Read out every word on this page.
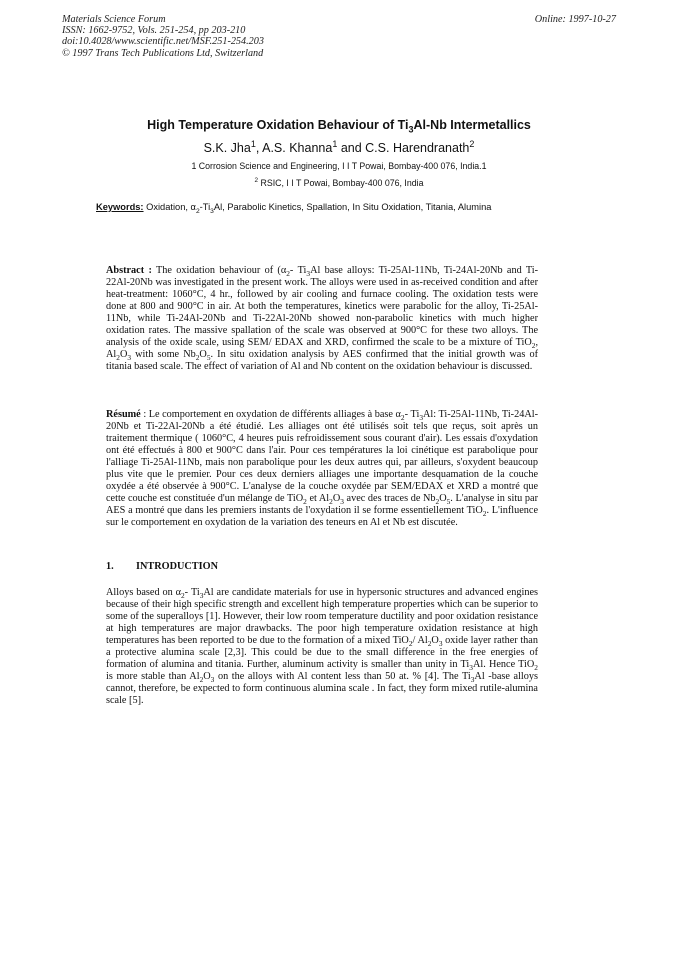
Materials Science Forum
ISSN: 1662-9752, Vols. 251-254, pp 203-210
doi:10.4028/www.scientific.net/MSF.251-254.203
© 1997 Trans Tech Publications Ltd, Switzerland
Online: 1997-10-27
High Temperature Oxidation Behaviour of $Ti_3Al-Nb$ Intermetallics
S.K. Jha$^1$, A.S. Khanna$^1$ and C.S. Harendranath$^2$
1 Corrosion Science and Engineering, I I T Powai, Bombay-400 076, India.1
$^2$ RSIC, I I T Powai, Bombay-400 076, India
Keywords: Oxidation, $\alpha_2-Ti_3Al$, Parabolic Kinetics, Spallation, In Situ Oxidation, Titania, Alumina
Abstract : The oxidation behaviour of ($\alpha_2-$ $Ti_3Al$ base alloys: Ti-25Al-11Nb, Ti-24Al-20Nb and Ti-22Al-20Nb was investigated in the present work. The alloys were used in as-received condition and after heat-treatment: 1060°C, 4 hr., followed by air cooling and furnace cooling. The oxidation tests were done at 800 and 900°C in air. At both the temperatures, kinetics were parabolic for the alloy, Ti-25Al-11Nb, while Ti-24Al-20Nb and Ti-22Al-20Nb showed non-parabolic kinetics with much higher oxidation rates. The massive spallation of the scale was observed at 900°C for these two alloys. The analysis of the oxide scale, using SEM/ EDAX and XRD, confirmed the scale to be a mixture of TiO$_2$, $Al_2O_3$ with some $Nb_2O_5$. In situ oxidation analysis by AES confirmed that the initial growth was of titania based scale. The effect of variation of Al and Nb content on the oxidation behaviour is discussed.
Résumé : Le comportement en oxydation de différents alliages à base $\alpha_2-$ $Ti_3Al$: Ti-25Al-11Nb, Ti-24Al-20Nb et Ti-22Al-20Nb a été étudié. Les alliages ont été utilisés soit tels que reçus, soit après un traitement thermique ( 1060°C, 4 heures puis refroidissement sous courant d'air). Les essais d'oxydation ont été effectués à 800 et 900°C dans l'air. Pour ces températures la loi cinétique est parabolique pour l'alliage Ti-25Al-11Nb, mais non parabolique pour les deux autres qui, par ailleurs, s'oxydent beaucoup plus vite que le premier. Pour ces deux derniers alliages une importante desquamation de la couche oxydée a été observée à 900°C. L'analyse de la couche oxydée par SEM/EDAX et XRD a montré que cette couche est constituée d'un mélange de TiO$_2$ et $Al_2O_3$ avec des traces de $Nb_2O_5$. L'analyse in situ par AES a montré que dans les premiers instants de l'oxydation il se forme essentiellement TiO$_2$. L'influence sur le comportement en oxydation de la variation des teneurs en Al et Nb est discutée.
1. INTRODUCTION
Alloys based on $\alpha_2-$ $Ti_3Al$ are candidate materials for use in hypersonic structures and advanced engines because of their high specific strength and excellent high temperature properties which can be superior to some of the superalloys [1]. However, their low room temperature ductility and poor oxidation resistance at high temperatures are major drawbacks. The poor high temperature oxidation resistance at high temperatures has been reported to be due to the formation of a mixed TiO$_2$/ $Al_2O_3$ oxide layer rather than a protective alumina scale [2,3]. This could be due to the small difference in the free energies of formation of alumina and titania. Further, aluminum activity is smaller than unity in $Ti_3Al$. Hence TiO$_2$ is more stable than $Al_2O_3$ on the alloys with Al content less than 50 at. % [4]. The $Ti_3Al$ -base alloys cannot, therefore, be expected to form continuous alumina scale . In fact, they form mixed rutile-alumina scale [5].
